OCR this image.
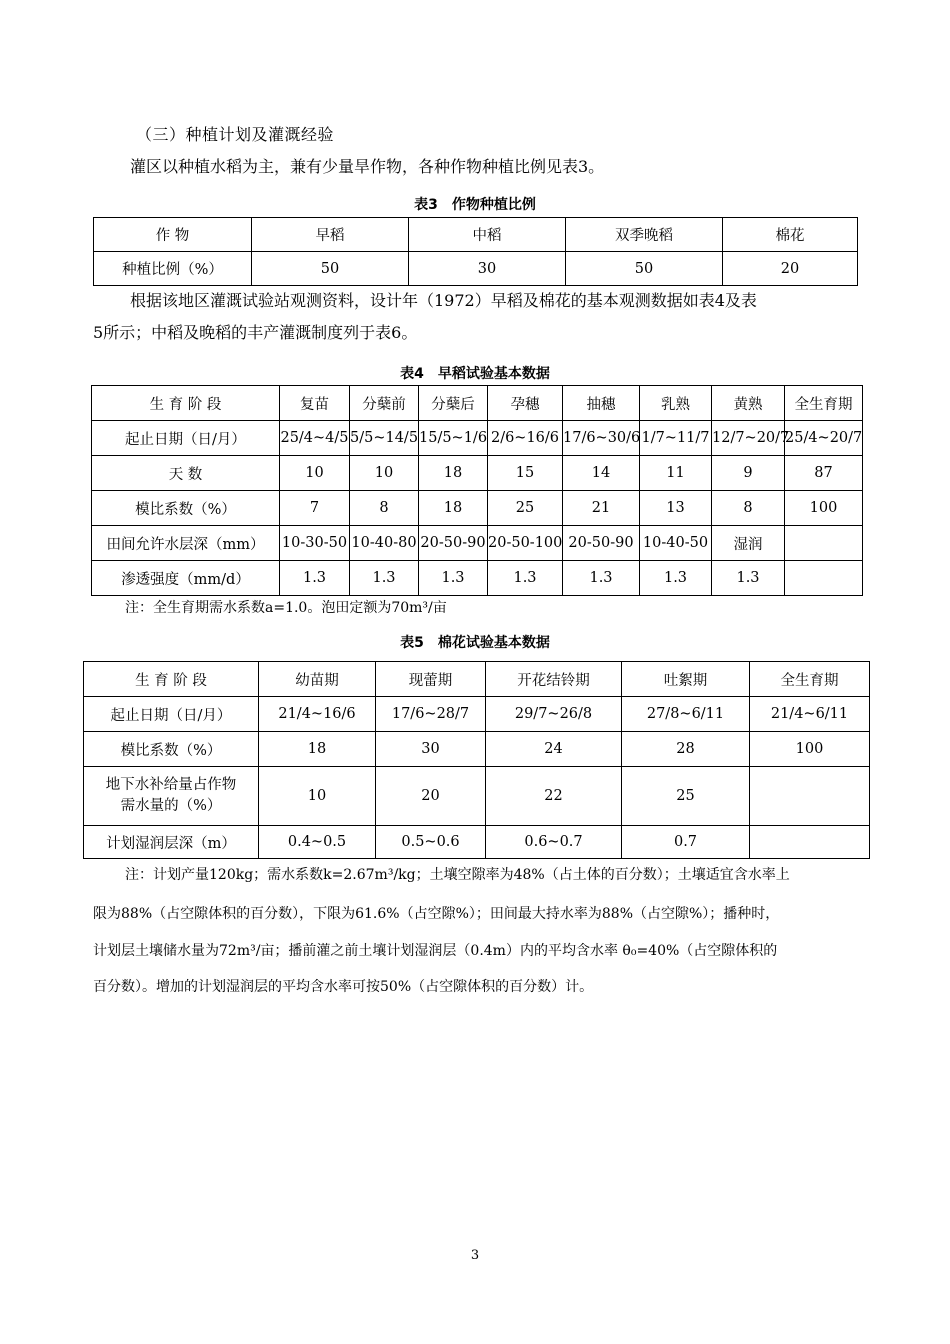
（三）种植计划及灌溉经验
灌区以种植水稻为主，兼有少量旱作物，各种作物种植比例见表3。
表3　作物种植比例
作 物	早稻	中稻	双季晚稻	棉花
种植比例（%）	50	30	50	20
根据该地区灌溉试验站观测资料，设计年（1972）早稻及棉花的基本观测数据如表4及表
5所示；中稻及晚稻的丰产灌溉制度列于表6。
表4　早稻试验基本数据
生 育 阶 段	复苗	分蘖前	分蘖后	孕穗	抽穗	乳熟	黄熟	全生育期
起止日期（日/月）	25/4~4/5	5/5~14/5	15/5~1/6	2/6~16/6	17/6~30/6	1/7~11/7	12/7~20/7	25/4~20/7
天 数	10	10	18	15	14	11	9	87
模比系数（%）	7	8	18	25	21	13	8	100
田间允许水层深（mm）	10-30-50	10-40-80	20-50-90	20-50-100	20-50-90	10-40-50	湿润	
渗透强度（mm/d）	1.3	1.3	1.3	1.3	1.3	1.3	1.3	
注：全生育期需水系数a=1.0。泡田定额为70m³/亩
表5　棉花试验基本数据
生 育 阶 段	幼苗期	现蕾期	开花结铃期	吐絮期	全生育期
起止日期（日/月）	21/4~16/6	17/6~28/7	29/7~26/8	27/8~6/11	21/4~6/11
模比系数（%）	18	30	24	28	100
地下水补给量占作物需水量的（%）	10	20	22	25	
计划湿润层深（m）	0.4~0.5	0.5~0.6	0.6~0.7	0.7	
注：计划产量120kg；需水系数k=2.67m³/kg；土壤空隙率为48%（占土体的百分数）；土壤适宜含水率上
限为88%（占空隙体积的百分数），下限为61.6%（占空隙%）；田间最大持水率为88%（占空隙%）；播种时，
计划层土壤储水量为72m³/亩；播前灌之前土壤计划湿润层（0.4m）内的平均含水率 θ₀=40%（占空隙体积的
百分数）。增加的计划湿润层的平均含水率可按50%（占空隙体积的百分数）计。
3
